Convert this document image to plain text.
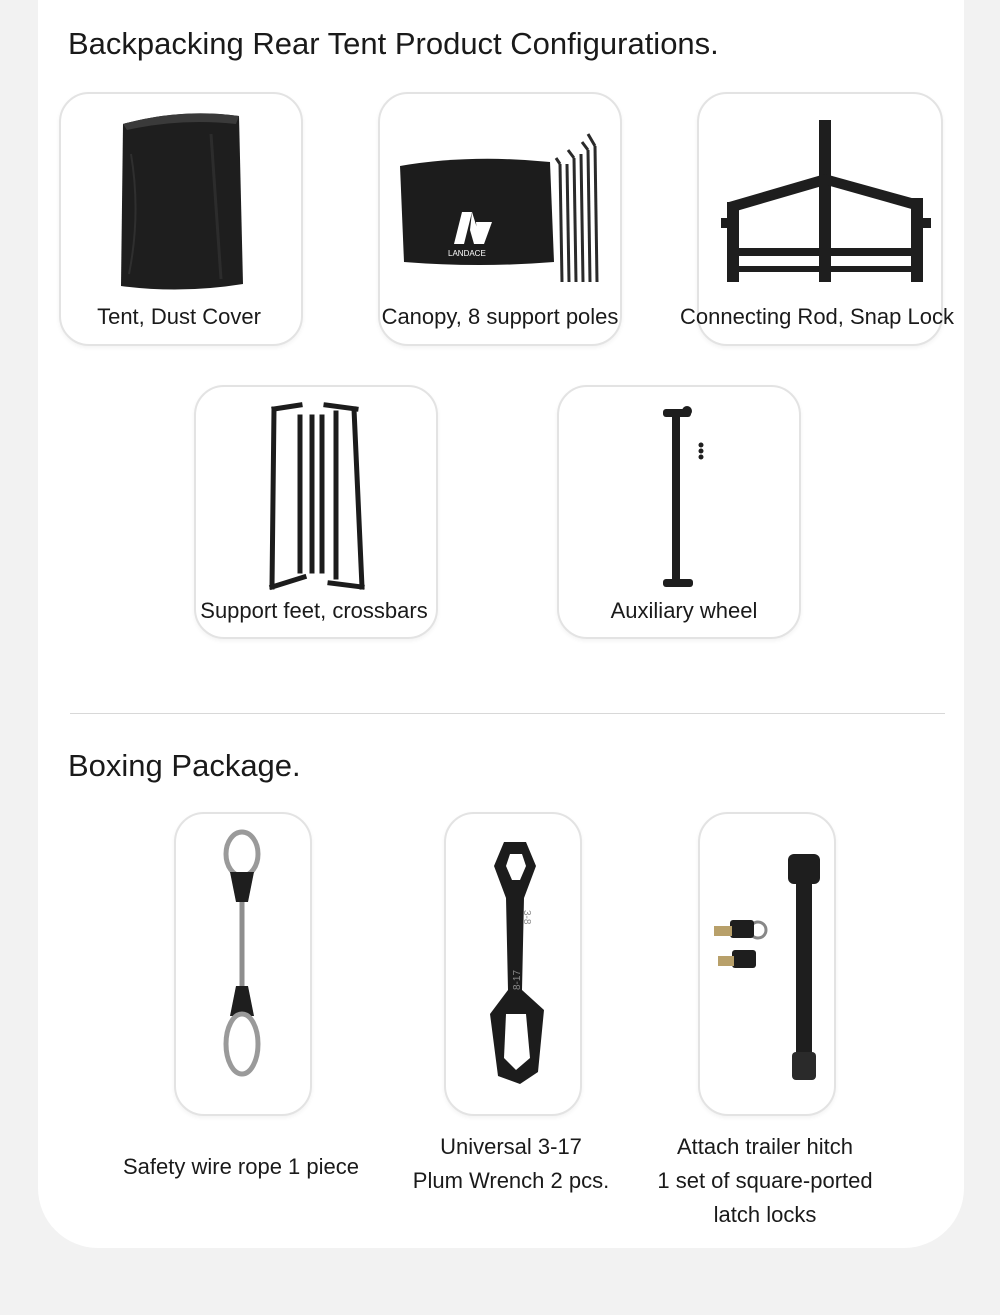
Backpacking Rear Tent Product Configurations.
Tent, Dust Cover
LANDACE
Canopy, 8 support poles	Connecting Rod, Snap Lock
Support feet, crossbars	Auxiliary wheel
Boxing Package.
Safety wire rope 1 piece
3-8
8-17
Universal 3-17
Plum Wrench 2 pcs.
Attach trailer hitch
1 set of square-ported
latch locks
